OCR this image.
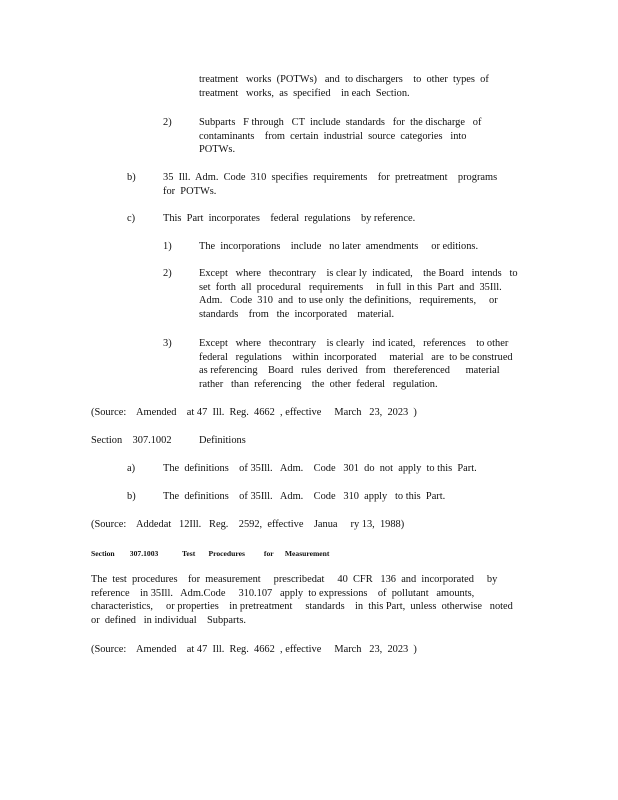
treatment   works  (POTWs)   and  to dischargers    to  other  types  of
treatment   works,  as  specified    in each  Section.
2)	Subparts   F through   CT  include  standards   for  the discharge   of
contaminants    from  certain  industrial  source  categories   into
POTWs.
b)	35  Ill.  Adm.  Code  310  specifies  requirements    for  pretreatment    programs
for  POTWs.
c)	This  Part  incorporates    federal  regulations    by reference.
1)	The  incorporations    include   no later  amendments     or editions.
2)	Except   where   thecontrary    is clear ly  indicated,    the Board   intends   to
set  forth  all  procedural   requirements     in full  in this  Part  and  35Ill.
Adm.   Code  310  and  to use only  the definitions,   requirements,     or
standards    from   the  incorporated    material.
3)	Except   where   thecontrary    is clearly   ind icated,   references    to other
federal   regulations    within  incorporated     material   are  to be construed
as referencing    Board   rules  derived   from   thereferenced      material
rather   than  referencing    the  other  federal   regulation.
(Source:    Amended    at 47  Ill.  Reg.  4662  , effective     March   23,  2023  )
Section    307.1002	Definitions
a)	The  definitions    of 35Ill.   Adm.    Code   301  do  not  apply  to this  Part.
b)	The  definitions    of 35Ill.   Adm.    Code   310  apply   to this  Part.
(Source:    Addedat   12Ill.   Reg.    2592,  effective    Janua     ry 13,  1988)
Section        307.1003	Test       Procedures          for      Measurement
The  test  procedures    for  measurement     prescribedat     40  CFR   136  and  incorporated     by
reference    in 35Ill.   Adm.Code     310.107   apply  to expressions    of  pollutant   amounts,
characteristics,     or properties    in pretreatment     standards    in  this Part,  unless  otherwise   noted
or  defined   in individual    Subparts.
(Source:    Amended    at 47  Ill.  Reg.  4662  , effective     March   23,  2023  )
